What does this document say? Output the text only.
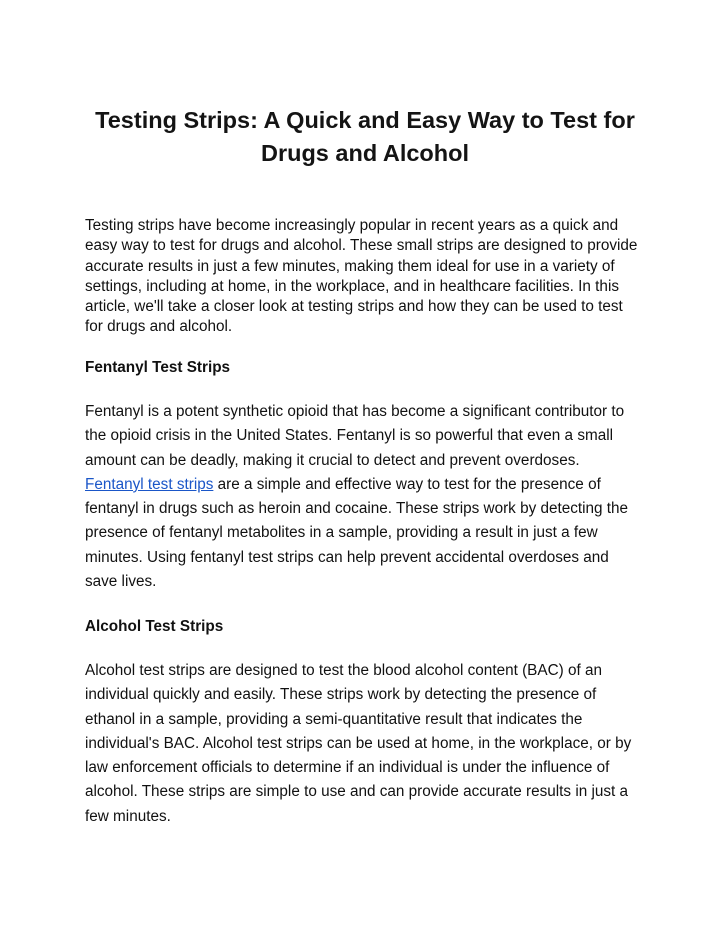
Testing Strips: A Quick and Easy Way to Test for Drugs and Alcohol

Testing strips have become increasingly popular in recent years as a quick and easy way to test for drugs and alcohol. These small strips are designed to provide accurate results in just a few minutes, making them ideal for use in a variety of settings, including at home, in the workplace, and in healthcare facilities. In this article, we'll take a closer look at testing strips and how they can be used to test for drugs and alcohol.

Fentanyl Test Strips

Fentanyl is a potent synthetic opioid that has become a significant contributor to the opioid crisis in the United States. Fentanyl is so powerful that even a small amount can be deadly, making it crucial to detect and prevent overdoses. Fentanyl test strips are a simple and effective way to test for the presence of fentanyl in drugs such as heroin and cocaine. These strips work by detecting the presence of fentanyl metabolites in a sample, providing a result in just a few minutes. Using fentanyl test strips can help prevent accidental overdoses and save lives.

Alcohol Test Strips

Alcohol test strips are designed to test the blood alcohol content (BAC) of an individual quickly and easily. These strips work by detecting the presence of ethanol in a sample, providing a semi-quantitative result that indicates the individual's BAC. Alcohol test strips can be used at home, in the workplace, or by law enforcement officials to determine if an individual is under the influence of alcohol. These strips are simple to use and can provide accurate results in just a few minutes.
